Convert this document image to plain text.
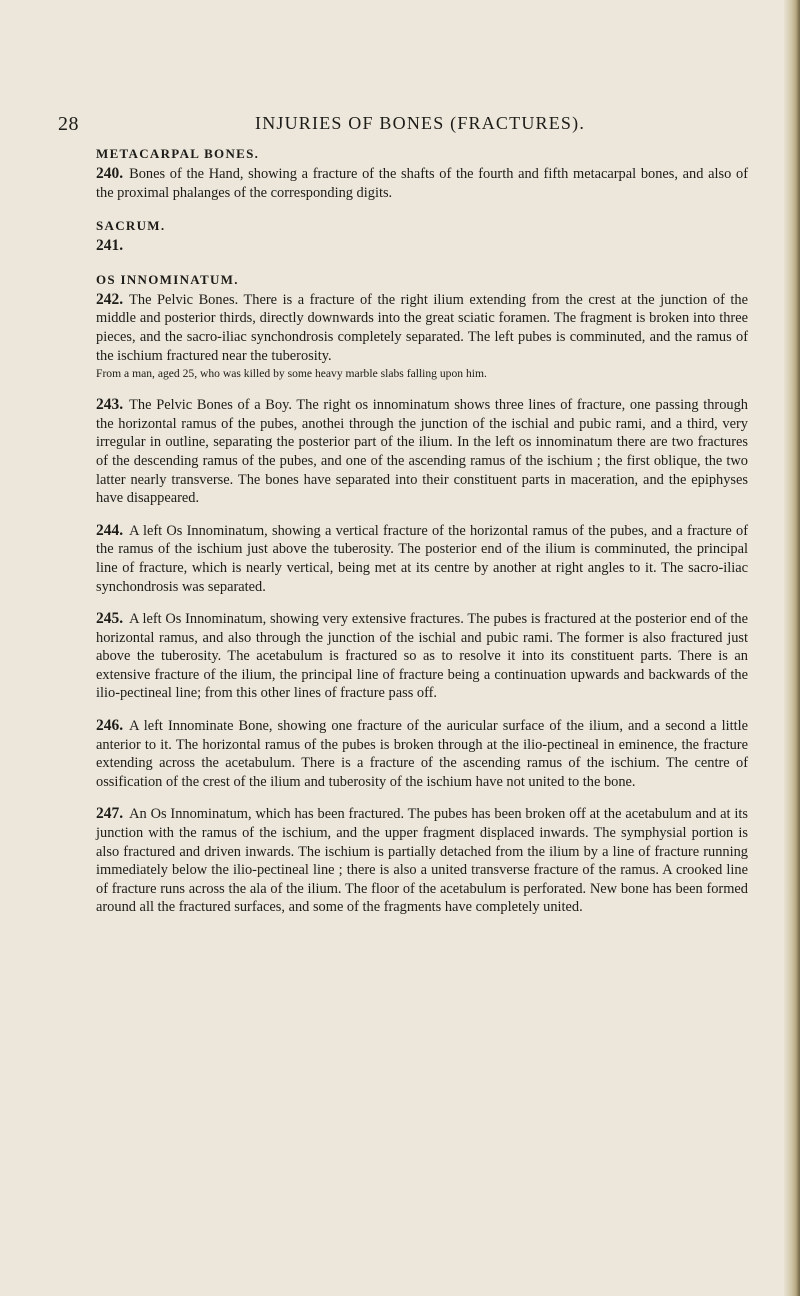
28	INJURIES OF BONES (FRACTURES).
METACARPAL BONES.

240. Bones of the Hand, showing a fracture of the shafts of the fourth and fifth metacarpal bones, and also of the proximal phalanges of the corresponding digits.

SACRUM.

241.

OS INNOMINATUM.

242. The Pelvic Bones. There is a fracture of the right ilium extending from the crest at the junction of the middle and posterior thirds, directly downwards into the great sciatic foramen. The fragment is broken into three pieces, and the sacro-iliac synchondrosis completely separated. The left pubes is comminuted, and the ramus of the ischium fractured near the tuberosity.

From a man, aged 25, who was killed by some heavy marble slabs falling upon him.

243. The Pelvic Bones of a Boy. The right os innominatum shows three lines of fracture, one passing through the horizontal ramus of the pubes, anothei through the junction of the ischial and pubic rami, and a third, very irregular in outline, separating the posterior part of the ilium. In the left os innominatum there are two fractures of the descending ramus of the pubes, and one of the ascending ramus of the ischium ; the first oblique, the two latter nearly transverse. The bones have separated into their constituent parts in maceration, and the epiphyses have disappeared.

244. A left Os Innominatum, showing a vertical fracture of the horizontal ramus of the pubes, and a fracture of the ramus of the ischium just above the tuberosity. The posterior end of the ilium is comminuted, the principal line of fracture, which is nearly vertical, being met at its centre by another at right angles to it. The sacro-iliac synchondrosis was separated.

245. A left Os Innominatum, showing very extensive fractures. The pubes is fractured at the posterior end of the horizontal ramus, and also through the junction of the ischial and pubic rami. The former is also fractured just above the tuberosity. The acetabulum is fractured so as to resolve it into its constituent parts. There is an extensive fracture of the ilium, the principal line of fracture being a continuation upwards and backwards of the ilio-pectineal line; from this other lines of fracture pass off.

246. A left Innominate Bone, showing one fracture of the auricular surface of the ilium, and a second a little anterior to it. The horizontal ramus of the pubes is broken through at the ilio-pectineal in eminence, the fracture extending across the acetabulum. There is a fracture of the ascending ramus of the ischium. The centre of ossification of the crest of the ilium and tuberosity of the ischium have not united to the bone.

247. An Os Innominatum, which has been fractured. The pubes has been broken off at the acetabulum and at its junction with the ramus of the ischium, and the upper fragment displaced inwards. The symphysial portion is also fractured and driven inwards. The ischium is partially detached from the ilium by a line of fracture running immediately below the ilio-pectineal line ; there is also a united transverse fracture of the ramus. A crooked line of fracture runs across the ala of the ilium. The floor of the acetabulum is perforated. New bone has been formed around all the fractured surfaces, and some of the fragments have completely united.
